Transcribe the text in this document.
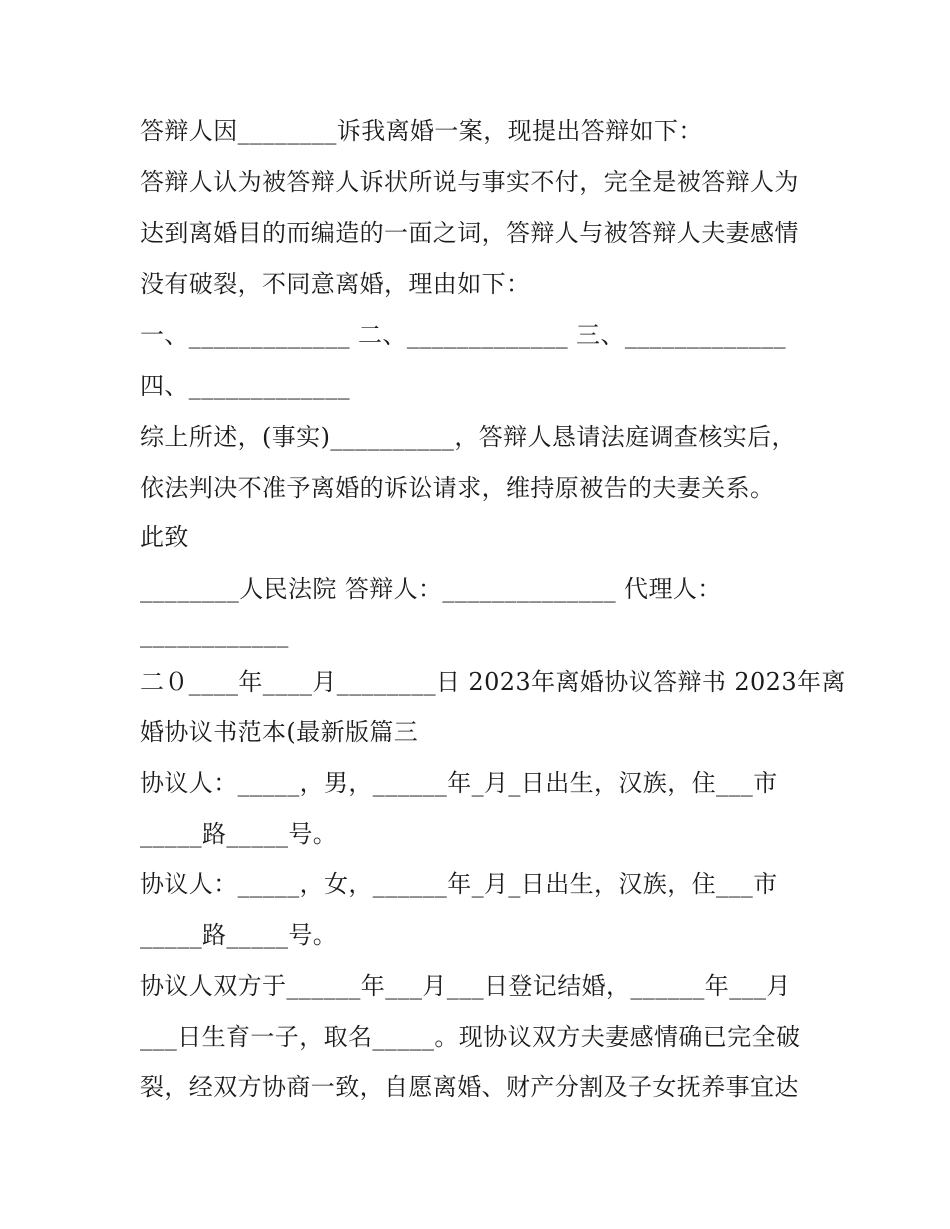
答辩人因________诉我离婚一案，现提出答辩如下：
答辩人认为被答辩人诉状所说与事实不付，完全是被答辩人为
达到离婚目的而编造的一面之词，答辩人与被答辩人夫妻感情
没有破裂，不同意离婚，理由如下：
一、_____________ 二、_____________ 三、_____________
四、_____________
综上所述，(事实)__________，答辩人恳请法庭调查核实后，
依法判决不准予离婚的诉讼请求，维持原被告的夫妻关系。
此致
________人民法院 答辩人：______________ 代理人：
____________
二０____年____月________日 2023年离婚协议答辩书 2023年离
婚协议书范本(最新版篇三
协议人：_____，男，______年_月_日出生，汉族，住___市
_____路_____号。
协议人：_____，女，______年_月_日出生，汉族，住___市
_____路_____号。
协议人双方于______年___月___日登记结婚，______年___月
___日生育一子，取名_____。现协议双方夫妻感情确已完全破
裂，经双方协商一致，自愿离婚、财产分割及子女抚养事宜达
